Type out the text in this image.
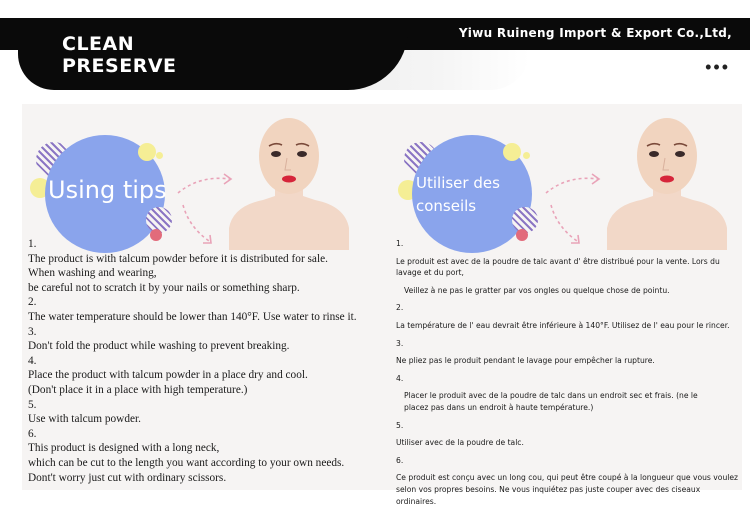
CLEAN
PRESERVE
Yiwu Ruineng Import & Export Co.,Ltd,
•••
Using tips
1.
The product is with talcum powder before it is distributed for sale.
When washing and wearing,
be careful not to scratch it by your nails or something sharp.
2.
The water temperature should be lower than 140°F. Use water to rinse it.
3.
Don't fold the product while washing to prevent breaking.
4.
Place the product with talcum powder in a place dry and cool.
(Don't place it in a place with high temperature.)
5.
Use with talcum powder.
6.
This product is designed with a long neck,
which can be cut to the length you want according to your own needs.
Dont't worry just cut with ordinary scissors.
Utiliser des
conseils
1.
Le produit est avec de la poudre de talc avant d' être distribué pour la vente. Lors du
lavage et du port,
Veillez à ne pas le gratter par vos ongles ou quelque chose de pointu.
2.
La température de l' eau devrait être inférieure à 140°F. Utilisez de l' eau pour le rincer.
3.
Ne pliez pas le produit pendant le lavage pour empêcher la rupture.
4.
Placer le produit avec de la poudre de talc dans un endroit sec et frais. (ne le
placez pas dans un endroit à haute température.)
5.
Utiliser avec de la poudre de talc.
6.
Ce produit est conçu avec un long cou, qui peut être coupé à la longueur que vous voulez
selon vos propres besoins. Ne vous inquiétez pas juste couper avec des ciseaux
ordinaires.
